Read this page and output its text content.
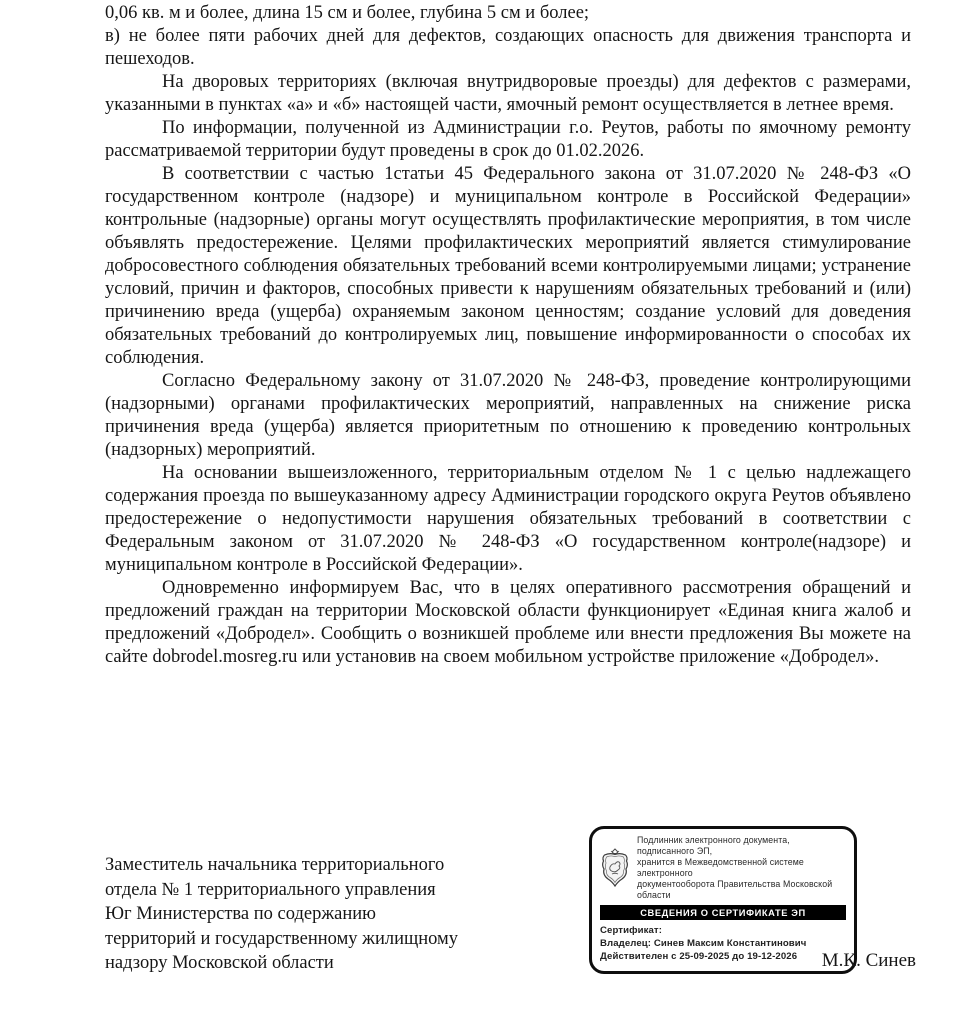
0,06 кв. м и более, длина 15 см и более, глубина 5 см и более;

в) не более пяти рабочих дней для дефектов, создающих опасность для движения транспорта и пешеходов.

На дворовых территориях (включая внутридворовые проезды) для дефектов с размерами, указанными в пунктах «а» и «б» настоящей части, ямочный ремонт осуществляется в летнее время.

По информации, полученной из Администрации г.о. Реутов, работы по ямочному ремонту рассматриваемой территории будут проведены в срок до 01.02.2026.

В соответствии с частью 1статьи 45 Федерального закона от 31.07.2020 № 248-ФЗ «О государственном контроле (надзоре) и муниципальном контроле в Российской Федерации» контрольные (надзорные) органы могут осуществлять профилактические мероприятия, в том числе объявлять предостережение. Целями профилактических мероприятий является стимулирование добросовестного соблюдения обязательных требований всеми контролируемыми лицами; устранение условий, причин и факторов, способных привести к нарушениям обязательных требований и (или) причинению вреда (ущерба) охраняемым законом ценностям; создание условий для доведения обязательных требований до контролируемых лиц, повышение информированности о способах их соблюдения.

Согласно Федеральному закону от 31.07.2020 № 248-ФЗ, проведение контролирующими (надзорными) органами профилактических мероприятий, направленных на снижение риска причинения вреда (ущерба) является приоритетным по отношению к проведению контрольных (надзорных) мероприятий.

На основании вышеизложенного, территориальным отделом № 1 с целью надлежащего содержания проезда по вышеуказанному адресу Администрации городского округа Реутов объявлено предостережение о недопустимости нарушения обязательных требований в соответствии с Федеральным законом от 31.07.2020 № 248-ФЗ «О государственном контроле(надзоре) и муниципальном контроле в Российской Федерации».

Одновременно информируем Вас, что в целях оперативного рассмотрения обращений и предложений граждан на территории Московской области функционирует «Единая книга жалоб и предложений «Добродел». Сообщить о возникшей проблеме или внести предложения Вы можете на сайте dobrodel.mosreg.ru или установив на своем мобильном устройстве приложение «Добродел».

Заместитель начальника территориального
отдела № 1 территориального управления
Юг Министерства по содержанию
территорий и государственному жилищному
надзору Московской области
Подлинник электронного документа, подписанного ЭП,
хранится в Межведомственной системе электронного
документооборота Правительства Московской области
СВЕДЕНИЯ О СЕРТИФИКАТЕ ЭП
Сертификат:
Владелец: Синев Максим Константинович
Действителен с 25-09-2025 до 19-12-2026	М.К. Синев
